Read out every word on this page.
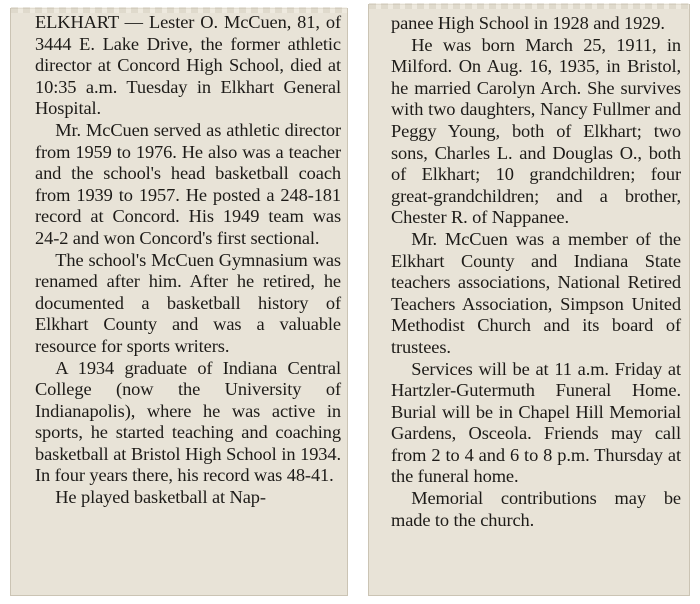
ELKHART — Lester O. McCuen, 81, of 3444 E. Lake Drive, the former athletic director at Concord High School, died at 10:35 a.m. Tuesday in Elkhart General Hospital.

Mr. McCuen served as athletic director from 1959 to 1976. He also was a teacher and the school's head basketball coach from 1939 to 1957. He posted a 248-181 record at Concord. His 1949 team was 24-2 and won Concord's first sectional.

The school's McCuen Gymnasium was renamed after him. After he retired, he documented a basketball history of Elkhart County and was a valuable resource for sports writers.

A 1934 graduate of Indiana Central College (now the University of Indianapolis), where he was active in sports, he started teaching and coaching basketball at Bristol High School in 1934. In four years there, his record was 48-41.

He played basketball at Nap-

panee High School in 1928 and 1929.

He was born March 25, 1911, in Milford. On Aug. 16, 1935, in Bristol, he married Carolyn Arch. She survives with two daughters, Nancy Fullmer and Peggy Young, both of Elkhart; two sons, Charles L. and Douglas O., both of Elkhart; 10 grandchildren; four great-grandchildren; and a brother, Chester R. of Nappanee.

Mr. McCuen was a member of the Elkhart County and Indiana State teachers associations, National Retired Teachers Association, Simpson United Methodist Church and its board of trustees.

Services will be at 11 a.m. Friday at Hartzler-Gutermuth Funeral Home. Burial will be in Chapel Hill Memorial Gardens, Osceola. Friends may call from 2 to 4 and 6 to 8 p.m. Thursday at the funeral home.

Memorial contributions may be made to the church.
